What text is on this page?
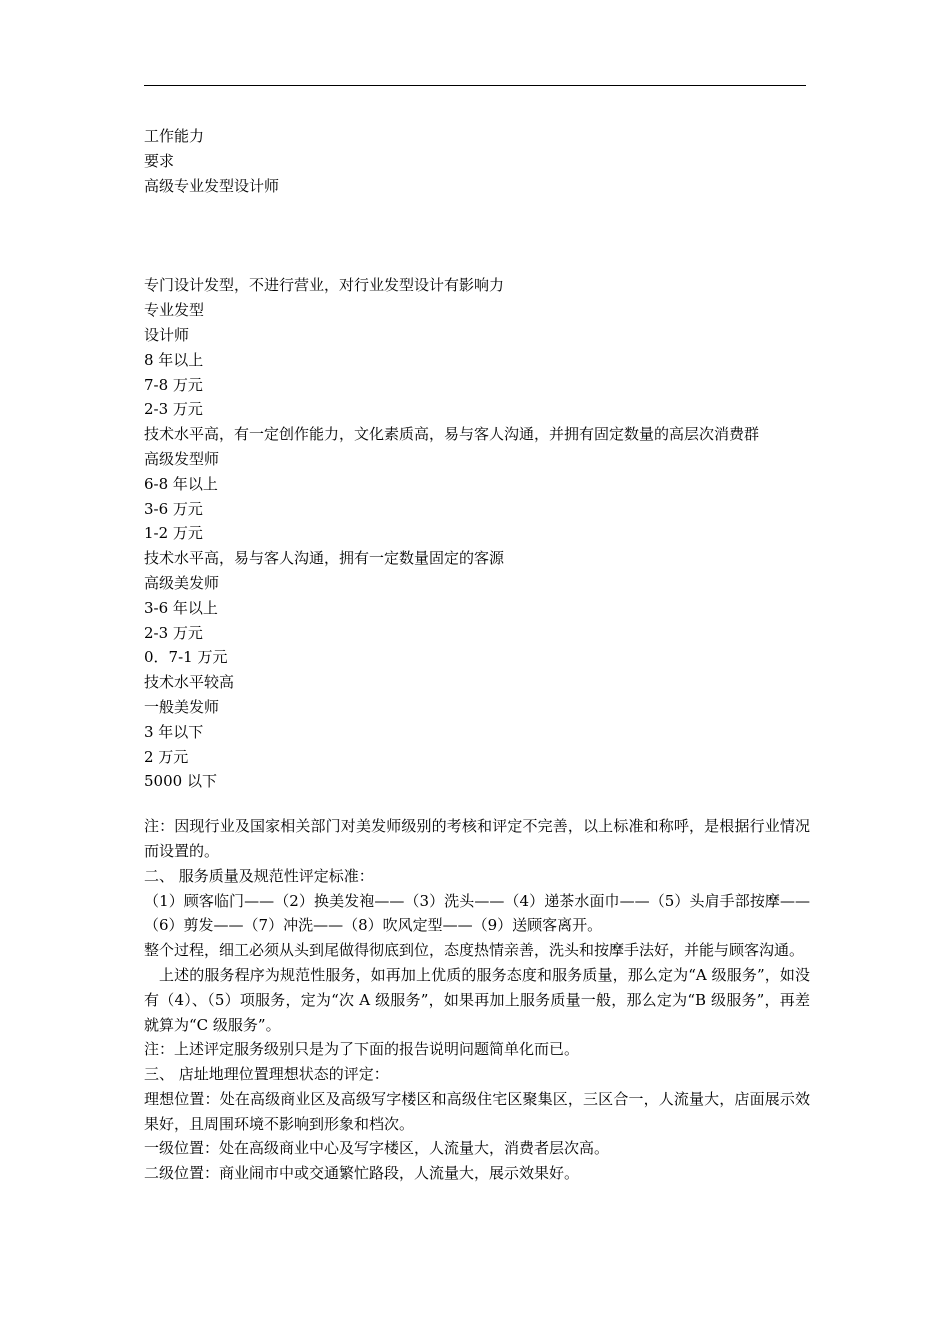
工作能力

要求

高级专业发型设计师

专门设计发型，不进行营业，对行业发型设计有影响力

专业发型

设计师

8 年以上

7-8 万元

2-3 万元

技术水平高，有一定创作能力，文化素质高，易与客人沟通，并拥有固定数量的高层次消费群

高级发型师

6-8 年以上

3-6 万元

1-2 万元

技术水平高，易与客人沟通，拥有一定数量固定的客源

高级美发师

3-6 年以上

2-3 万元

0．7-1 万元

技术水平较高

一般美发师

3 年以下

2 万元

5000 以下

注：因现行业及国家相关部门对美发师级别的考核和评定不完善，以上标准和称呼，是根据行业情况而设置的。

二、 服务质量及规范性评定标准：

（1）顾客临门——（2）换美发袍——（3）洗头——（4）递茶水面巾——（5）头肩手部按摩——（6）剪发——（7）冲洗——（8）吹风定型——（9）送顾客离开。

整个过程，细工必须从头到尾做得彻底到位，态度热情亲善，洗头和按摩手法好，并能与顾客沟通。

上述的服务程序为规范性服务，如再加上优质的服务态度和服务质量，那么定为“A 级服务”，如没有（4）、（5）项服务，定为“次 A 级服务”，如果再加上服务质量一般，那么定为“B 级服务”，再差就算为“C 级服务”。

注：上述评定服务级别只是为了下面的报告说明问题简单化而已。

三、 店址地理位置理想状态的评定：

理想位置：处在高级商业区及高级写字楼区和高级住宅区聚集区，三区合一，人流量大，店面展示效果好，且周围环境不影响到形象和档次。

一级位置：处在高级商业中心及写字楼区，人流量大，消费者层次高。

二级位置：商业闹市中或交通繁忙路段，人流量大，展示效果好。
